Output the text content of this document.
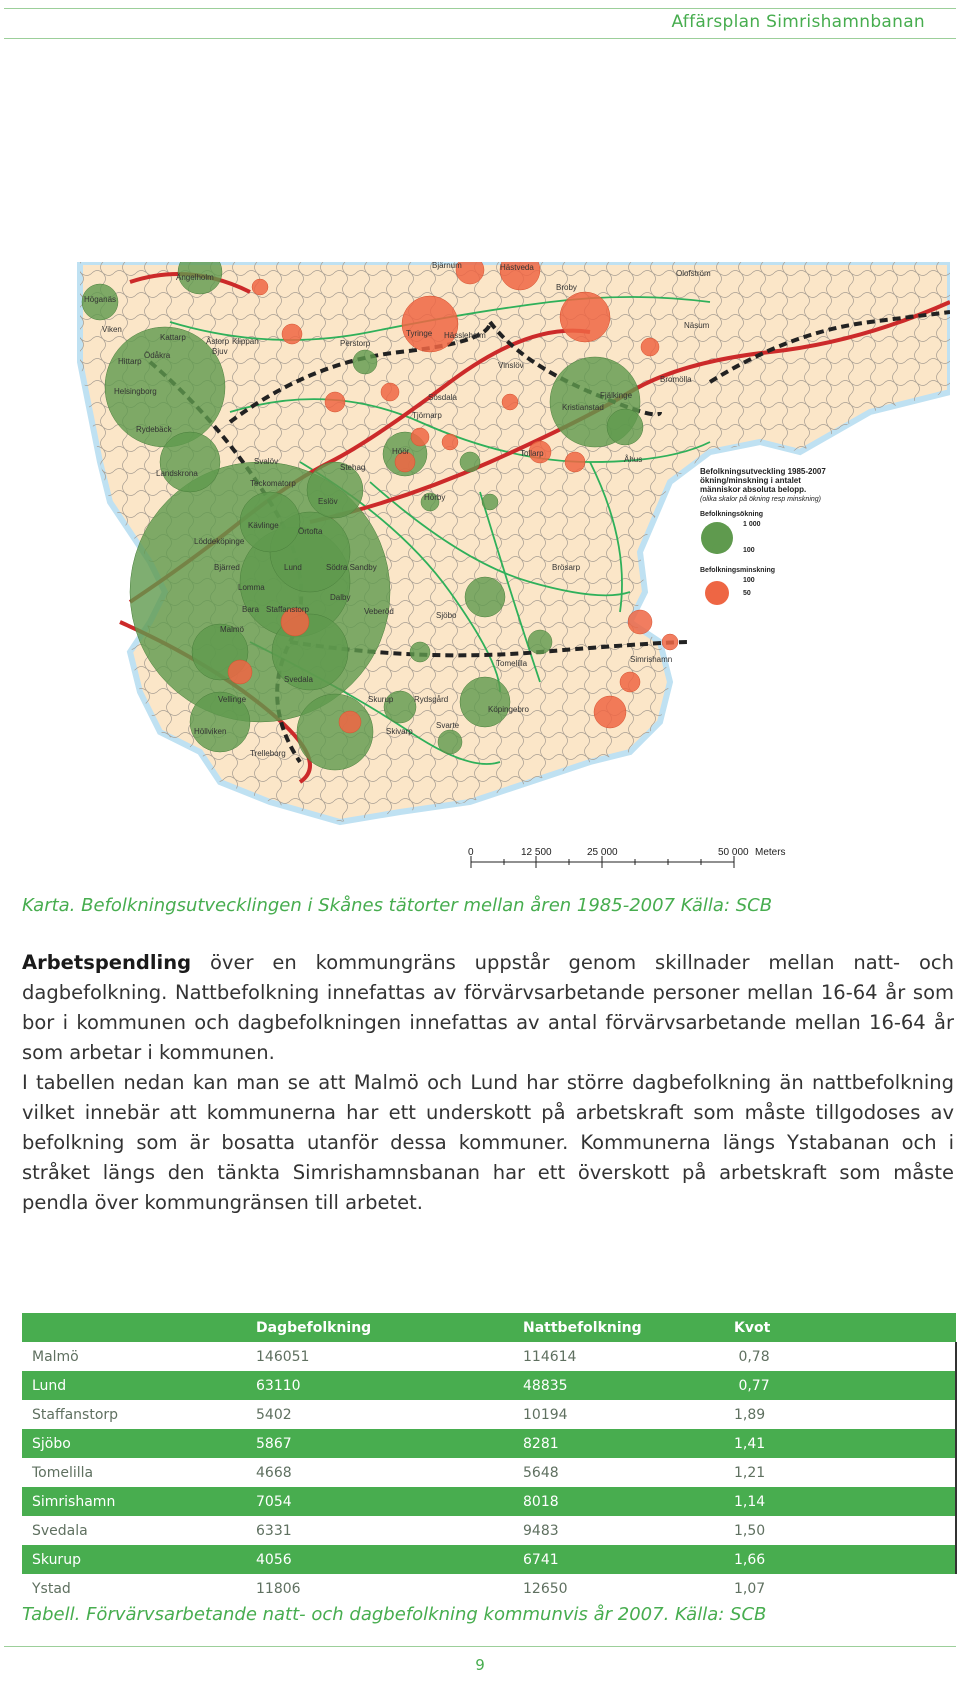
Affärsplan Simrishamnbanan
Höganäs
Ängelholm
Viken
Kattarp	Åstorp
Bjuv
Klippan	Perstorp
Tyringe Hässleholm
Bjärnum	Hästveda
Broby
Olofström
Näsum
Hittarp
Ödåkra
Helsingborg
Vinslöv
Bromölla
Fjälkinge
Kristianstad
Sösdala
Tjörnarp
Rydebäck
Landskrona
Svalöv
Stehag
Höör	Tollarp
Åhus
Teckomatorp
Eslöv	Hörby
Kävlinge
Örtofta
Löddeköpinge
Bjärred	Lund	Södra Sandby	Brösarp
Lomma
Dalby
Bara Staffanstorp	Veberöd	Sjöbo
Malmö
Tomelilla	Simrishamn
Svedala
Vellinge	Skurup	Rydsgård
Köpingebro
Höllviken	Skivarp
Svarte
Trelleborg
Befolkningsutveckling 1985-2007
ökning/minskning i antalet
människor absoluta belopp.
(olika skalor på ökning resp minskning)
Befolkningsökning
1 000
100
Befolkningsminskning
100
50
0	12 500	25 000	50 000 Meters
Karta. Befolkningsutvecklingen i Skånes tätorter mellan åren 1985-2007 Källa: SCB

Arbetspendling över en kommungräns uppstår genom skillnader mellan natt- och dagbefolkning. Nattbefolkning innefattas av förvärvsarbetande personer mellan 16-64 år som bor i kommunen och dagbefolkningen innefattas av antal förvärvsarbetande mellan 16-64 år som arbetar i kommunen.

I tabellen nedan kan man se att Malmö och Lund har större dagbefolkning än nattbefolkning vilket innebär att kommunerna har ett underskott på arbetskraft som måste tillgodoses av befolkning som är bosatta utanför dessa kommuner. Kommunerna längs Ystabanan och i stråket längs den tänkta Simrishamnsbanan har ett överskott på arbetskraft som måste pendla över kommungränsen till arbetet.

	Dagbefolkning	Nattbefolkning	Kvot
Malmö	146051	114614	0,78
Lund	63110	48835	0,77
Staffanstorp	5402	10194	1,89
Sjöbo	5867	8281	1,41
Tomelilla	4668	5648	1,21
Simrishamn	7054	8018	1,14
Svedala	6331	9483	1,50
Skurup	4056	6741	1,66
Ystad	11806	12650	1,07
Tabell. Förvärvsarbetande natt- och dagbefolkning kommunvis år 2007. Källa: SCB
9
